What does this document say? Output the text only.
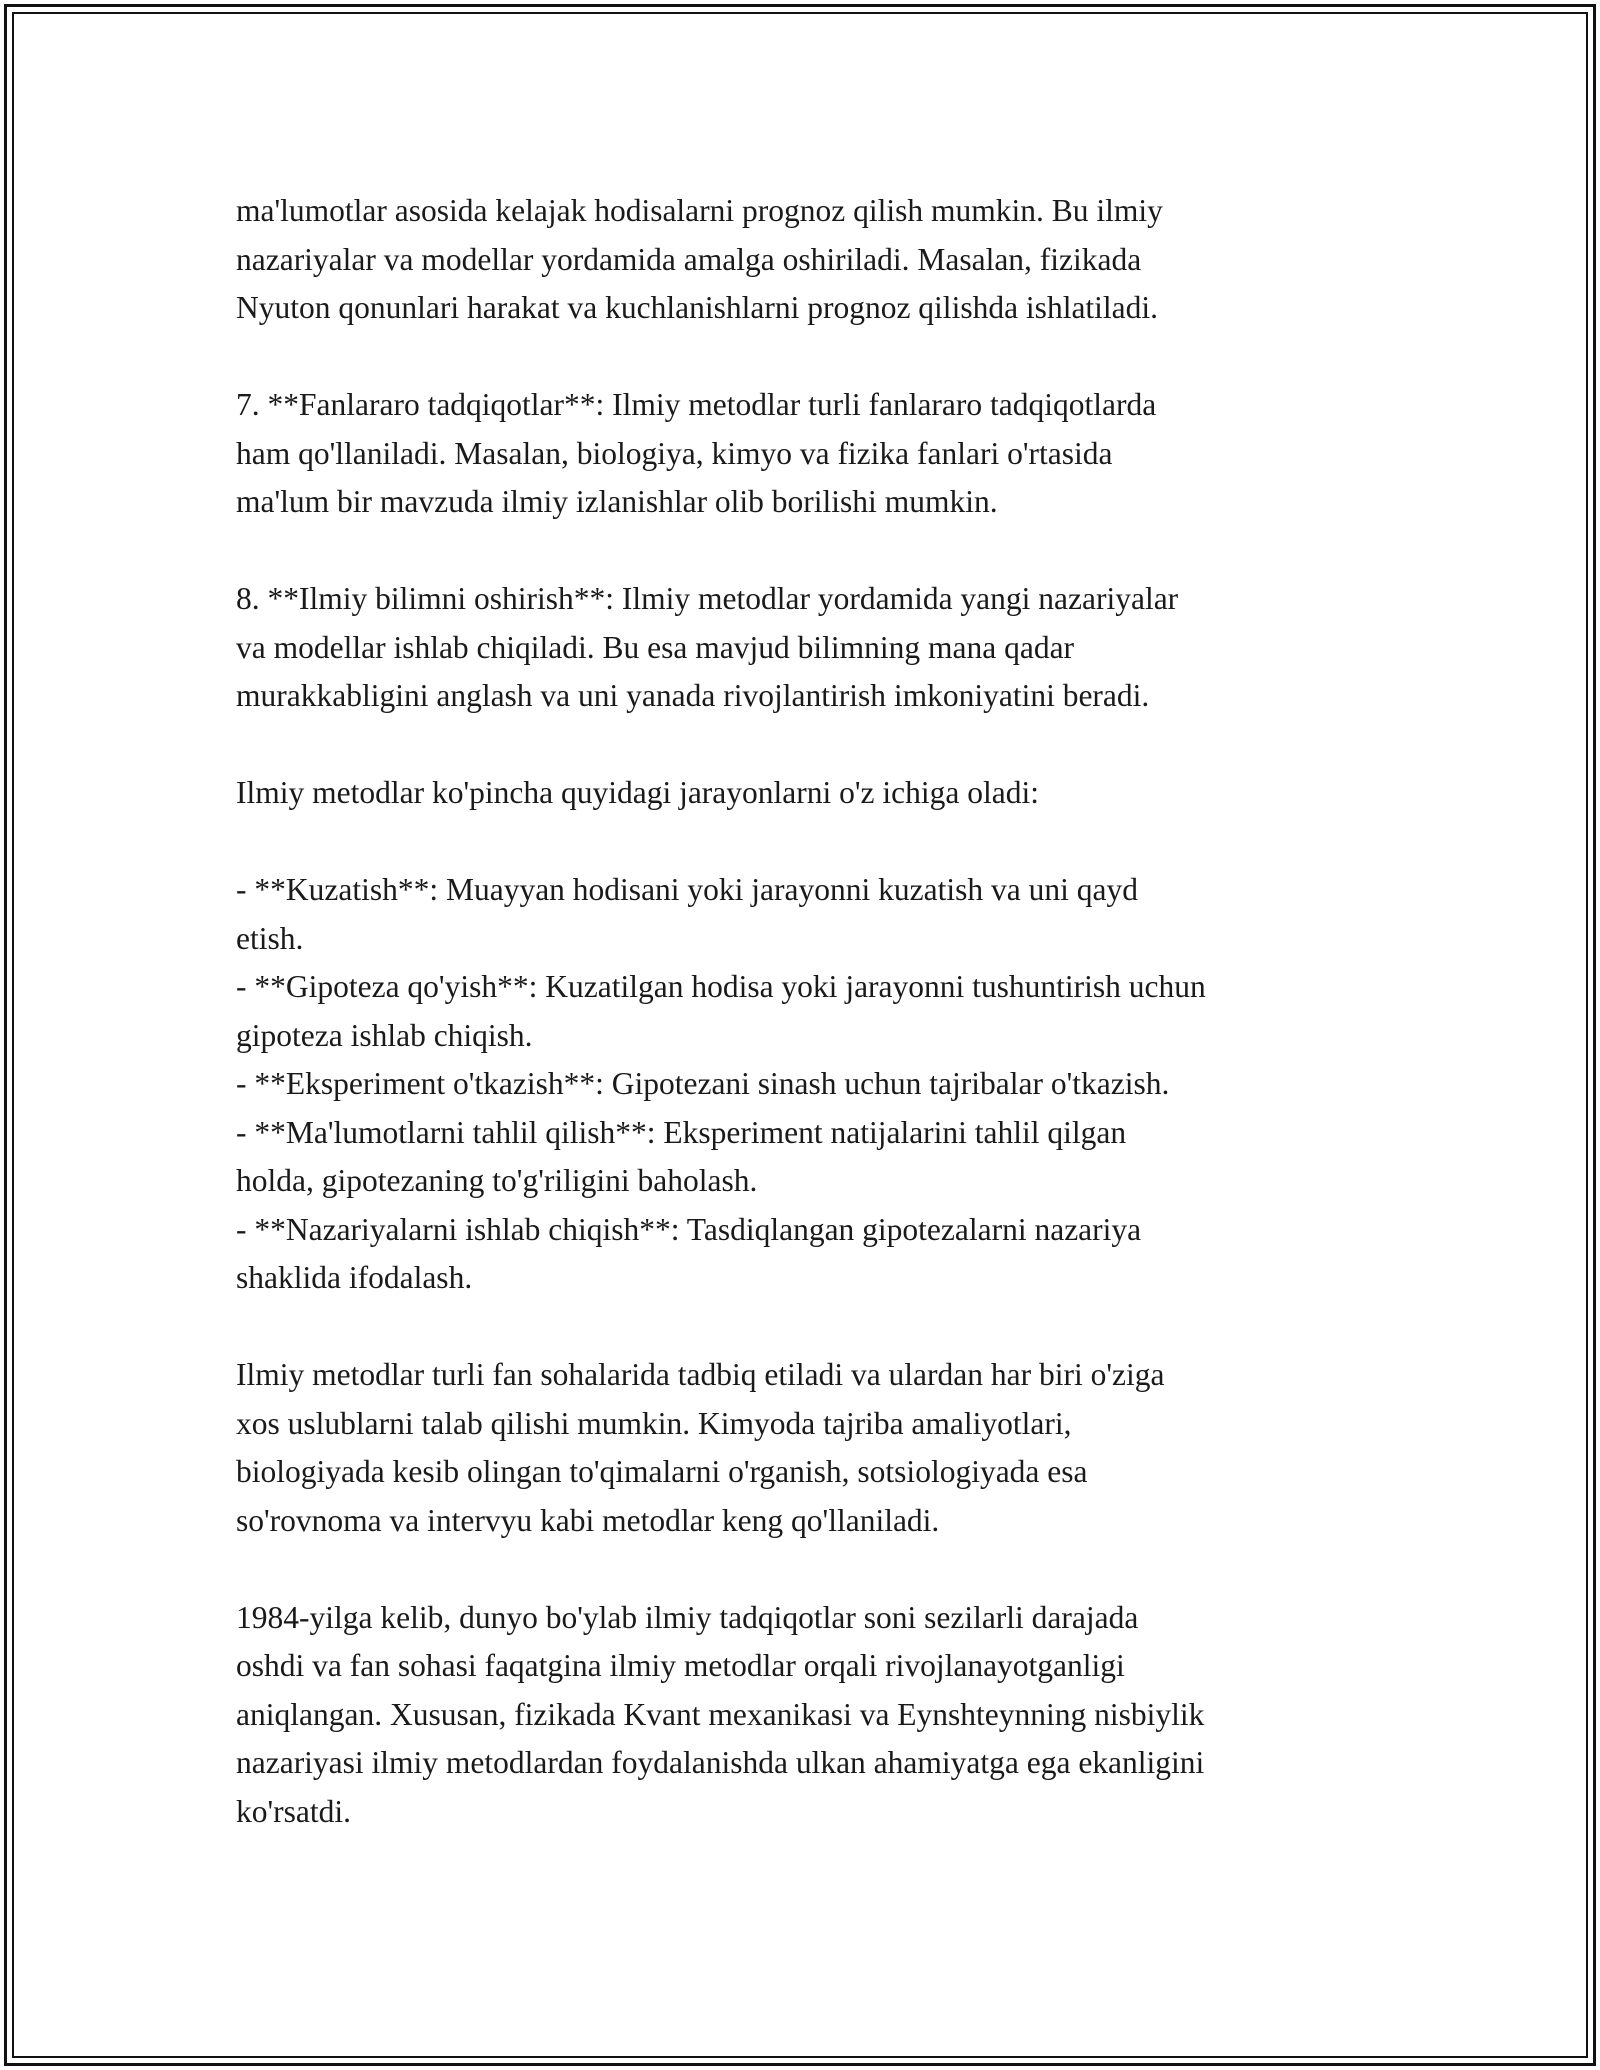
ma'lumotlar asosida kelajak hodisalarni prognoz qilish mumkin. Bu ilmiy
nazariyalar va modellar yordamida amalga oshiriladi. Masalan, fizikada
Nyuton qonunlari harakat va kuchlanishlarni prognoz qilishda ishlatiladi.

7. **Fanlararo tadqiqotlar**: Ilmiy metodlar turli fanlararo tadqiqotlarda
ham qo'llaniladi. Masalan, biologiya, kimyo va fizika fanlari o'rtasida
ma'lum bir mavzuda ilmiy izlanishlar olib borilishi mumkin.

8. **Ilmiy bilimni oshirish**: Ilmiy metodlar yordamida yangi nazariyalar
va modellar ishlab chiqiladi. Bu esa mavjud bilimning mana qadar
murakkabligini anglash va uni yanada rivojlantirish imkoniyatini beradi.

Ilmiy metodlar ko'pincha quyidagi jarayonlarni o'z ichiga oladi:

- **Kuzatish**: Muayyan hodisani yoki jarayonni kuzatish va uni qayd
etish.
- **Gipoteza qo'yish**: Kuzatilgan hodisa yoki jarayonni tushuntirish uchun
gipoteza ishlab chiqish.
- **Eksperiment o'tkazish**: Gipotezani sinash uchun tajribalar o'tkazish.
- **Ma'lumotlarni tahlil qilish**: Eksperiment natijalarini tahlil qilgan
holda, gipotezaning to'g'riligini baholash.
- **Nazariyalarni ishlab chiqish**: Tasdiqlangan gipotezalarni nazariya
shaklida ifodalash.

Ilmiy metodlar turli fan sohalarida tadbiq etiladi va ulardan har biri o'ziga
xos uslublarni talab qilishi mumkin. Kimyoda tajriba amaliyotlari,
biologiyada kesib olingan to'qimalarni o'rganish, sotsiologiyada esa
so'rovnoma va intervyu kabi metodlar keng qo'llaniladi.

1984-yilga kelib, dunyo bo'ylab ilmiy tadqiqotlar soni sezilarli darajada
oshdi va fan sohasi faqatgina ilmiy metodlar orqali rivojlanayotganligi
aniqlangan. Xususan, fizikada Kvant mexanikasi va Eynshteynning nisbiylik
nazariyasi ilmiy metodlardan foydalanishda ulkan ahamiyatga ega ekanligini
ko'rsatdi.
